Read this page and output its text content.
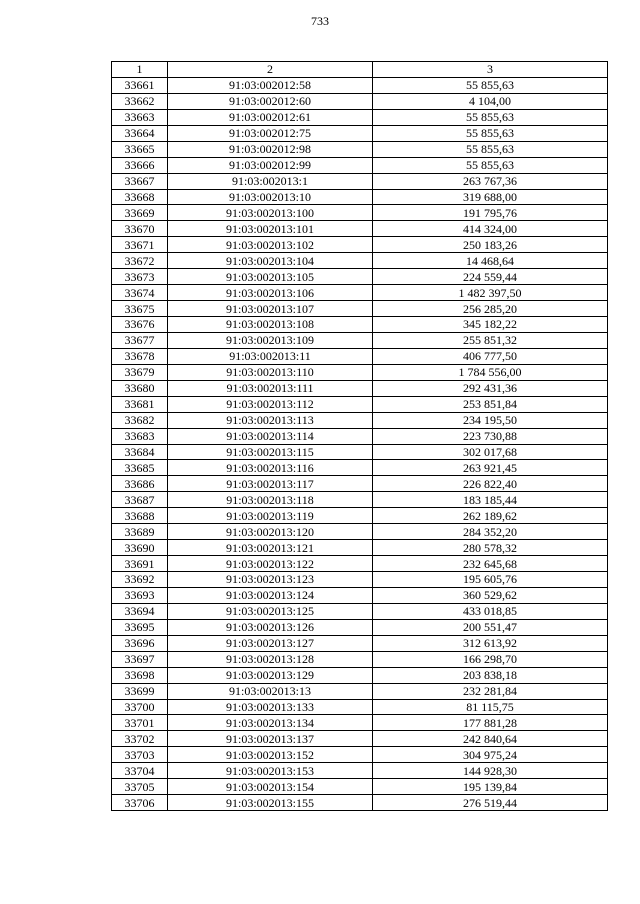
733
1	2	3
33661	91:03:002012:58	55 855,63
33662	91:03:002012:60	4 104,00
33663	91:03:002012:61	55 855,63
33664	91:03:002012:75	55 855,63
33665	91:03:002012:98	55 855,63
33666	91:03:002012:99	55 855,63
33667	91:03:002013:1	263 767,36
33668	91:03:002013:10	319 688,00
33669	91:03:002013:100	191 795,76
33670	91:03:002013:101	414 324,00
33671	91:03:002013:102	250 183,26
33672	91:03:002013:104	14 468,64
33673	91:03:002013:105	224 559,44
33674	91:03:002013:106	1 482 397,50
33675	91:03:002013:107	256 285,20
33676	91:03:002013:108	345 182,22
33677	91:03:002013:109	255 851,32
33678	91:03:002013:11	406 777,50
33679	91:03:002013:110	1 784 556,00
33680	91:03:002013:111	292 431,36
33681	91:03:002013:112	253 851,84
33682	91:03:002013:113	234 195,50
33683	91:03:002013:114	223 730,88
33684	91:03:002013:115	302 017,68
33685	91:03:002013:116	263 921,45
33686	91:03:002013:117	226 822,40
33687	91:03:002013:118	183 185,44
33688	91:03:002013:119	262 189,62
33689	91:03:002013:120	284 352,20
33690	91:03:002013:121	280 578,32
33691	91:03:002013:122	232 645,68
33692	91:03:002013:123	195 605,76
33693	91:03:002013:124	360 529,62
33694	91:03:002013:125	433 018,85
33695	91:03:002013:126	200 551,47
33696	91:03:002013:127	312 613,92
33697	91:03:002013:128	166 298,70
33698	91:03:002013:129	203 838,18
33699	91:03:002013:13	232 281,84
33700	91:03:002013:133	81 115,75
33701	91:03:002013:134	177 881,28
33702	91:03:002013:137	242 840,64
33703	91:03:002013:152	304 975,24
33704	91:03:002013:153	144 928,30
33705	91:03:002013:154	195 139,84
33706	91:03:002013:155	276 519,44
